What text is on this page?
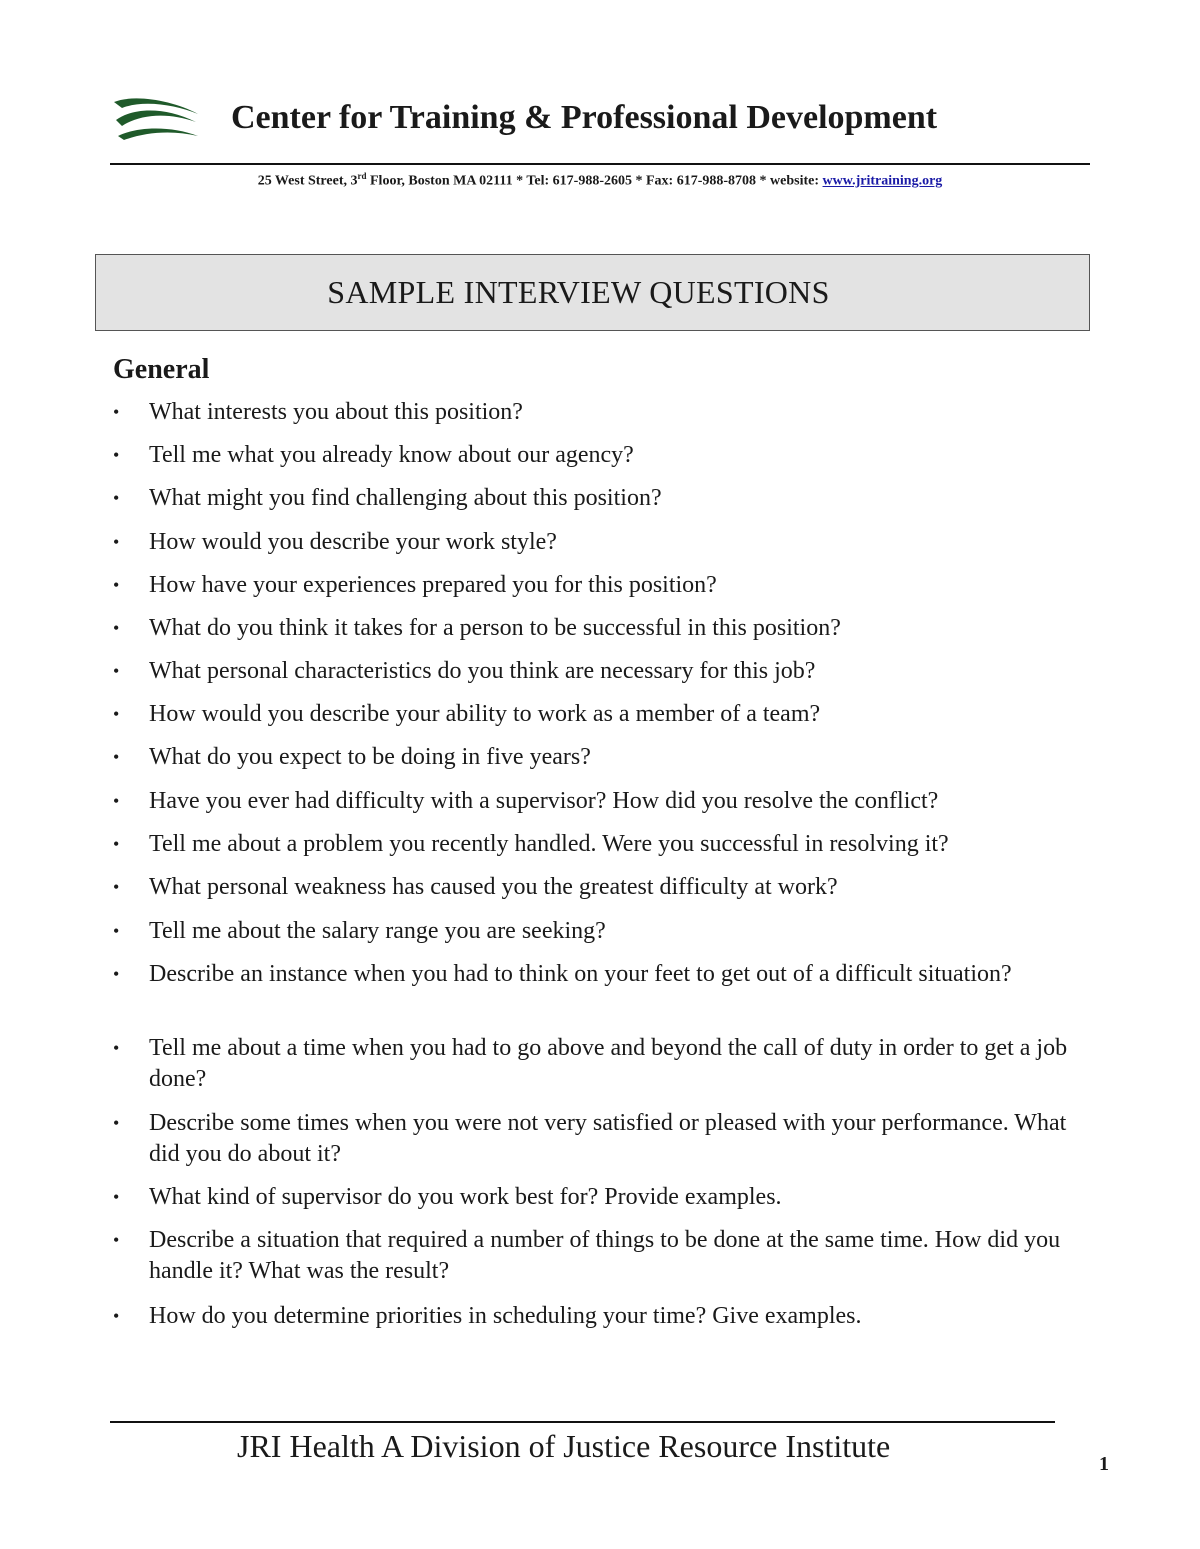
Center for Training & Professional Development
25 West Street, 3rd Floor, Boston MA 02111 * Tel: 617-988-2605 * Fax: 617-988-8708 * website: www.jritraining.org
SAMPLE INTERVIEW QUESTIONS
General
•	What interests you about this position?
•	Tell me what you already know about our agency?
•	What might you find challenging about this position?
•	How would you describe your work style?
•	How have your experiences prepared you for this position?
•	What do you think it takes for a person to be successful in this position?
•	What personal characteristics do you think are necessary for this job?
•	How would you describe your ability to work as a member of a team?
•	What do you expect to be doing in five years?
•	Have you ever had difficulty with a supervisor? How did you resolve the conflict?
•	Tell me about a problem you recently handled. Were you successful in resolving it?
•	What personal weakness has caused you the greatest difficulty at work?
•	Tell me about the salary range you are seeking?
•	Describe an instance when you had to think on your feet to get out of a difficult situation?
•	Tell me about a time when you had to go above and beyond the call of duty in order to get a job done?
•	Describe some times when you were not very satisfied or pleased with your performance. What did you do about it?
•	What kind of supervisor do you work best for? Provide examples.
•	Describe a situation that required a number of things to be done at the same time. How did you handle it? What was the result?
•	How do you determine priorities in scheduling your time? Give examples.
JRI Health A Division of Justice Resource Institute	1
